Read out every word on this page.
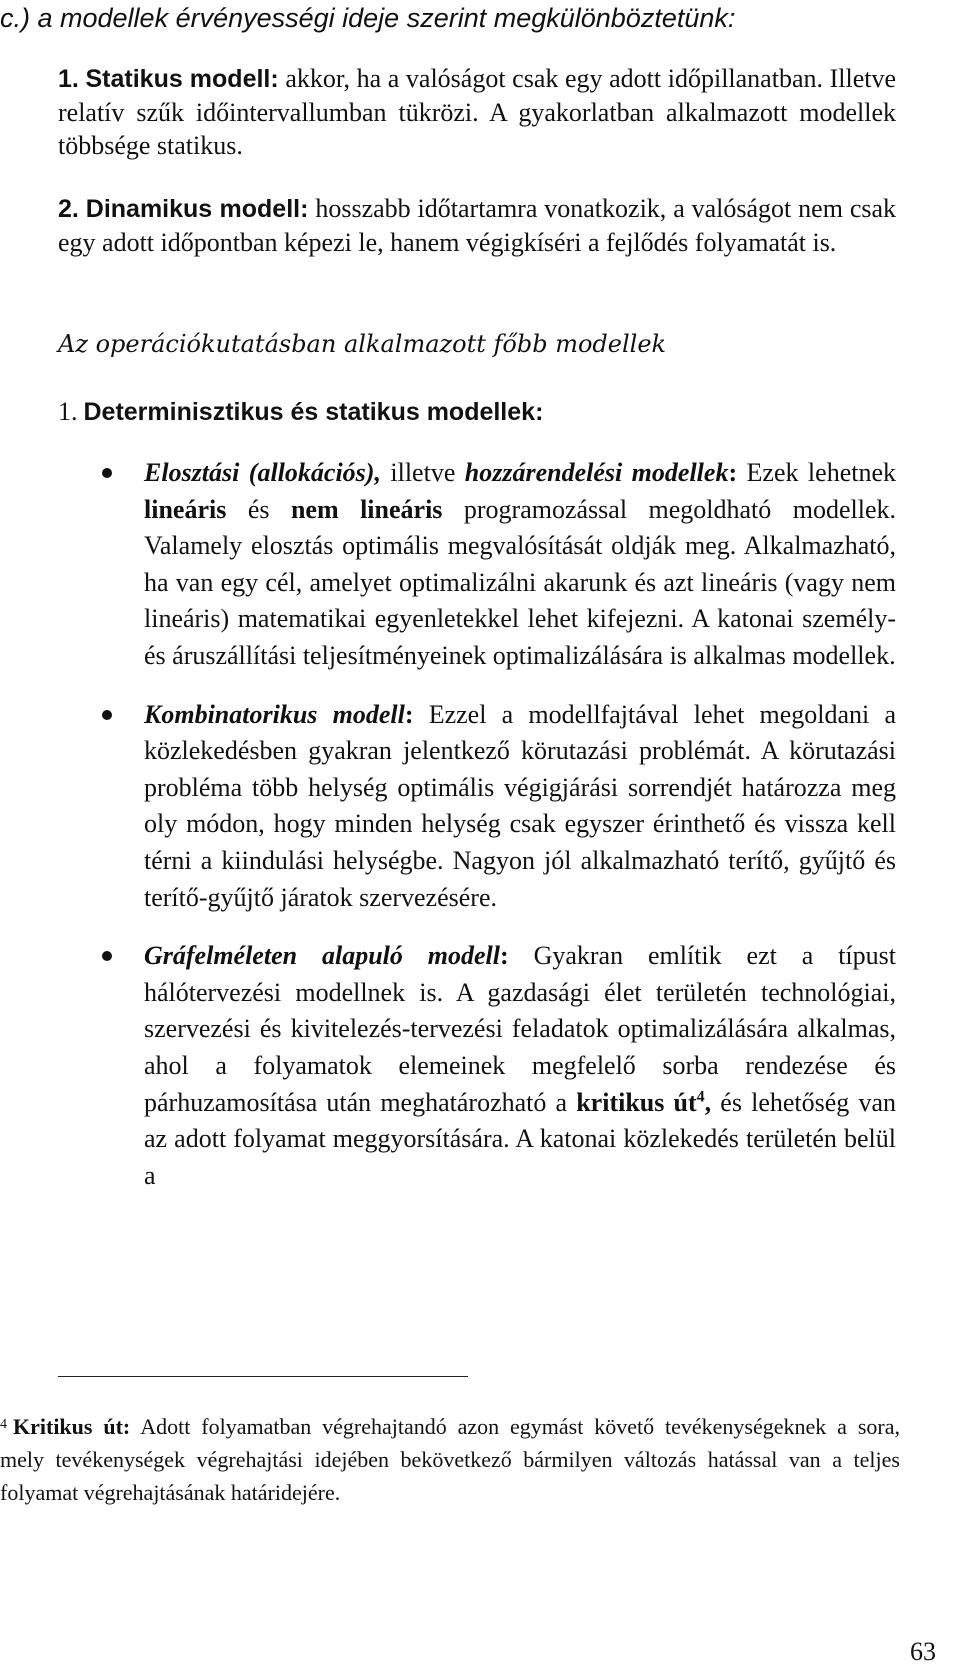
c.) a modellek érvényességi ideje szerint megkülönböztetünk:

1. Statikus modell: akkor, ha a valóságot csak egy adott időpillanatban. Illetve relatív szűk időintervallumban tükrözi. A gyakorlatban alkalmazott modellek többsége statikus.

2. Dinamikus modell: hosszabb időtartamra vonatkozik, a valóságot nem csak egy adott időpontban képezi le, hanem végigkíséri a fejlődés folyamatát is.

Az operációkutatásban alkalmazott főbb modellek

1. Determinisztikus és statikus modellek:

Elosztási (allokációs), illetve hozzárendelési modellek: Ezek lehetnek lineáris és nem lineáris programozással megoldható modellek. Valamely elosztás optimális megvalósítását oldják meg. Alkalmazható, ha van egy cél, amelyet optimalizálni akarunk és azt lineáris (vagy nem lineáris) matematikai egyenletekkel lehet kifejezni. A katonai személy- és áruszállítási teljesítményeinek optimalizálására is alkalmas modellek.
Kombinatorikus modell: Ezzel a modellfajtával lehet megoldani a közlekedésben gyakran jelentkező körutazási problémát. A körutazási probléma több helység optimális végigjárási sorrendjét határozza meg oly módon, hogy minden helység csak egyszer érinthető és vissza kell térni a kiindulási helységbe. Nagyon jól alkalmazható terítő, gyűjtő és terítő-gyűjtő járatok szervezésére.
Gráfelméleten alapuló modell: Gyakran említik ezt a típust hálótervezési modellnek is. A gazdasági élet területén technológiai, szervezési és kivitelezés-tervezési feladatok optimalizálására alkalmas, ahol a folyamatok elemeinek megfelelő sorba rendezése és párhuzamosítása után meghatározható a kritikus $út^4$, és lehetőség van az adott folyamat meggyorsítására. A katonai közlekedés területén belül a

$^4$ Kritikus út: Adott folyamatban végrehajtandó azon egymást követő tevékenységeknek a sora, mely tevékenységek végrehajtási idejében bekövetkező bármilyen változás hatással van a teljes folyamat végrehajtásának határidejére.

63
